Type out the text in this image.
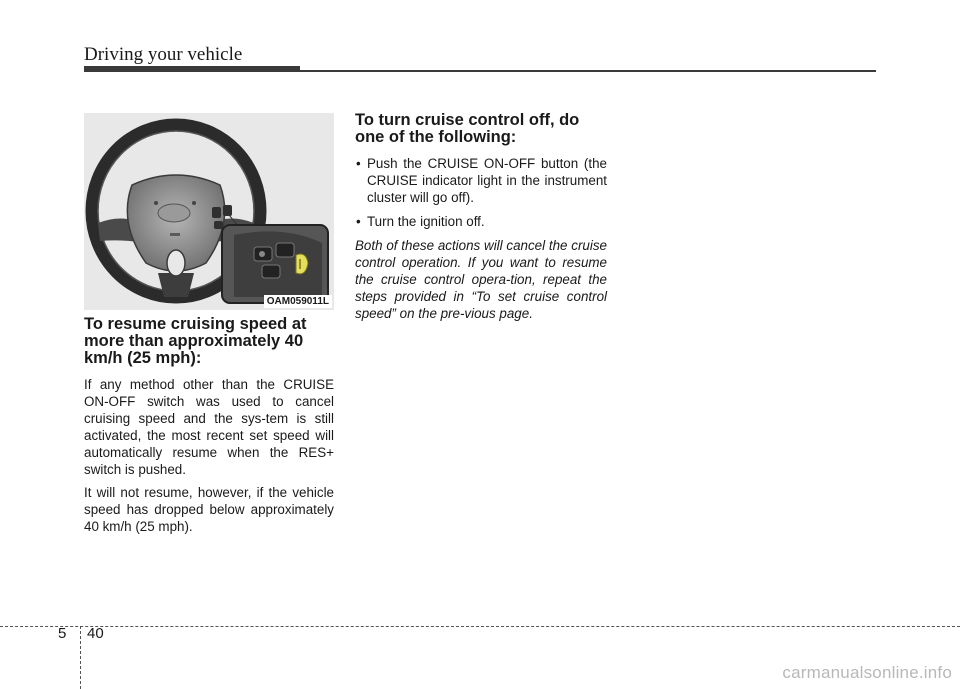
Driving your vehicle
OAM059011L
To resume cruising speed at more than approximately 40 km/h (25 mph):

If any method other than the CRUISE ON-OFF switch was used to cancel cruising speed and the sys-tem is still activated, the most recent set speed will automatically resume when the RES+ switch is pushed.

It will not resume, however, if the vehicle speed has dropped below approximately 40 km/h (25 mph).

To turn cruise control off, do one of the following:
• Push the CRUISE ON-OFF button (the CRUISE indicator light in the instrument cluster will go off).
• Turn the ignition off.

Both of these actions will cancel the cruise control operation. If you want to resume the cruise control opera-tion, repeat the steps provided in “To set cruise control speed” on the pre-vious page.

5 40
carmanualsonline.info
